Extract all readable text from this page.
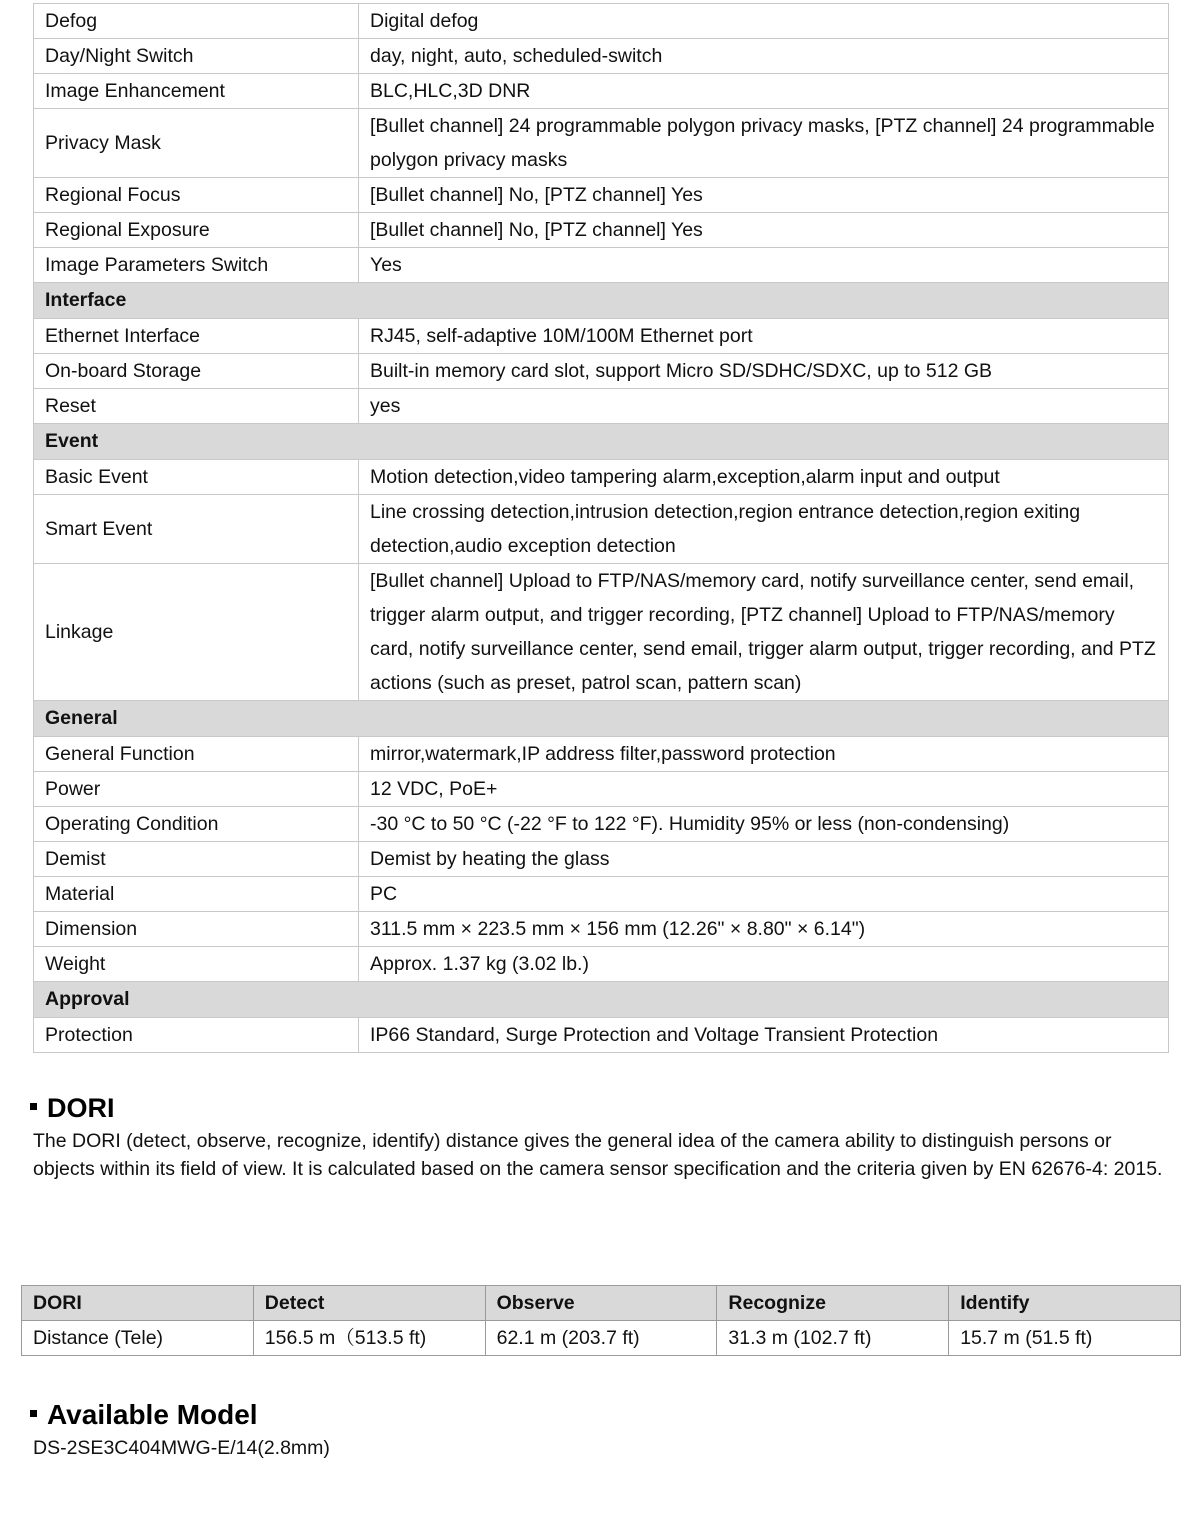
Defog	Digital defog
Day/Night Switch	day, night, auto, scheduled-switch
Image Enhancement	BLC,HLC,3D DNR
Privacy Mask	[Bullet channel] 24 programmable polygon privacy masks, [PTZ channel] 24 programmable polygon privacy masks
Regional Focus	[Bullet channel] No, [PTZ channel] Yes
Regional Exposure	[Bullet channel] No, [PTZ channel] Yes
Image Parameters Switch	Yes
Interface	
Ethernet Interface	RJ45, self-adaptive 10M/100M Ethernet port
On-board Storage	Built-in memory card slot, support Micro SD/SDHC/SDXC, up to 512 GB
Reset	yes
Event	
Basic Event	Motion detection,video tampering alarm,exception,alarm input and output
Smart Event	Line crossing detection,intrusion detection,region entrance detection,region exiting detection,audio exception detection
Linkage	[Bullet channel] Upload to FTP/NAS/memory card, notify surveillance center, send email, trigger alarm output, and trigger recording, [PTZ channel] Upload to FTP/NAS/memory card, notify surveillance center, send email, trigger alarm output, trigger recording, and PTZ actions (such as preset, patrol scan, pattern scan)
General	
General Function	mirror,watermark,IP address filter,password protection
Power	12 VDC, PoE+
Operating Condition	-30 °C to 50 °C (-22 °F to 122 °F). Humidity 95% or less (non-condensing)
Demist	Demist by heating the glass
Material	PC
Dimension	311.5 mm × 223.5 mm × 156 mm (12.26" × 8.80" × 6.14")
Weight	Approx. 1.37 kg (3.02 lb.)
Approval	
Protection	IP66 Standard, Surge Protection and Voltage Transient Protection
DORI
The DORI (detect, observe, recognize, identify) distance gives the general idea of the camera ability to distinguish persons or objects within its field of view. It is calculated based on the camera sensor specification and the criteria given by EN 62676-4: 2015.
DORI	Detect	Observe	Recognize	Identify
Distance (Tele)	156.5 m（513.5 ft)	62.1 m (203.7 ft)	31.3 m (102.7 ft)	15.7 m (51.5 ft)
Available Model
DS-2SE3C404MWG-E/14(2.8mm)
